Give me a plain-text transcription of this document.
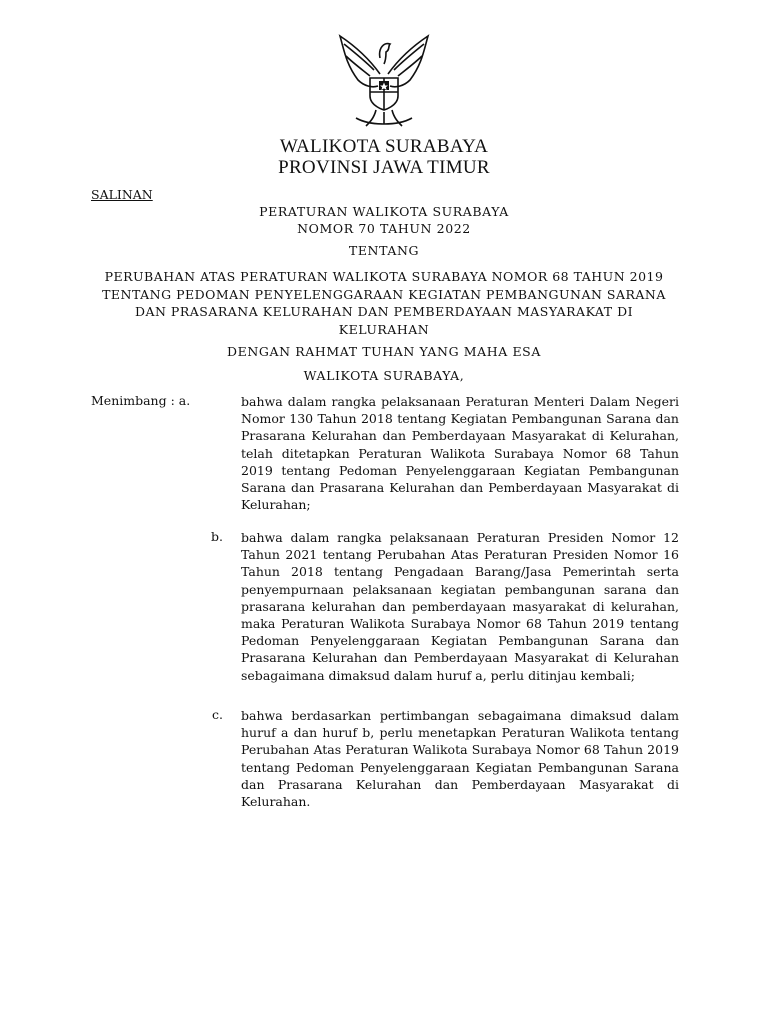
WALIKOTA SURABAYA
PROVINSI JAWA TIMUR
SALINAN
PERATURAN WALIKOTA SURABAYA
NOMOR 70 TAHUN 2022
TENTANG
PERUBAHAN ATAS PERATURAN WALIKOTA SURABAYA NOMOR 68 TAHUN 2019 TENTANG PEDOMAN PENYELENGGARAAN KEGIATAN PEMBANGUNAN SARANA DAN PRASARANA KELURAHAN DAN PEMBERDAYAAN MASYARAKAT DI KELURAHAN
DENGAN RAHMAT TUHAN YANG MAHA ESA
WALIKOTA SURABAYA,
Menimbang : a.	bahwa dalam rangka pelaksanaan Peraturan Menteri Dalam Negeri Nomor 130 Tahun 2018 tentang Kegiatan Pembangunan Sarana dan Prasarana Kelurahan dan Pemberdayaan Masyarakat di Kelurahan, telah ditetapkan Peraturan Walikota Surabaya Nomor 68 Tahun 2019 tentang Pedoman Penyelenggaraan Kegiatan Pembangunan Sarana dan Prasarana Kelurahan dan Pemberdayaan Masyarakat di Kelurahan;
b. bahwa dalam rangka pelaksanaan Peraturan Presiden Nomor 12 Tahun 2021 tentang Perubahan Atas Peraturan Presiden Nomor 16 Tahun 2018 tentang Pengadaan Barang/Jasa Pemerintah serta penyempurnaan pelaksanaan kegiatan pembangunan sarana dan prasarana kelurahan dan pemberdayaan masyarakat di kelurahan, maka Peraturan Walikota Surabaya Nomor 68 Tahun 2019 tentang Pedoman Penyelenggaraan Kegiatan Pembangunan Sarana dan Prasarana Kelurahan dan Pemberdayaan Masyarakat di Kelurahan sebagaimana dimaksud dalam huruf a, perlu ditinjau kembali;
c. bahwa berdasarkan pertimbangan sebagaimana dimaksud dalam huruf a dan huruf b, perlu menetapkan Peraturan Walikota tentang Perubahan Atas Peraturan Walikota Surabaya Nomor 68 Tahun 2019 tentang Pedoman Penyelenggaraan Kegiatan Pembangunan Sarana dan Prasarana Kelurahan dan Pemberdayaan Masyarakat di Kelurahan.
